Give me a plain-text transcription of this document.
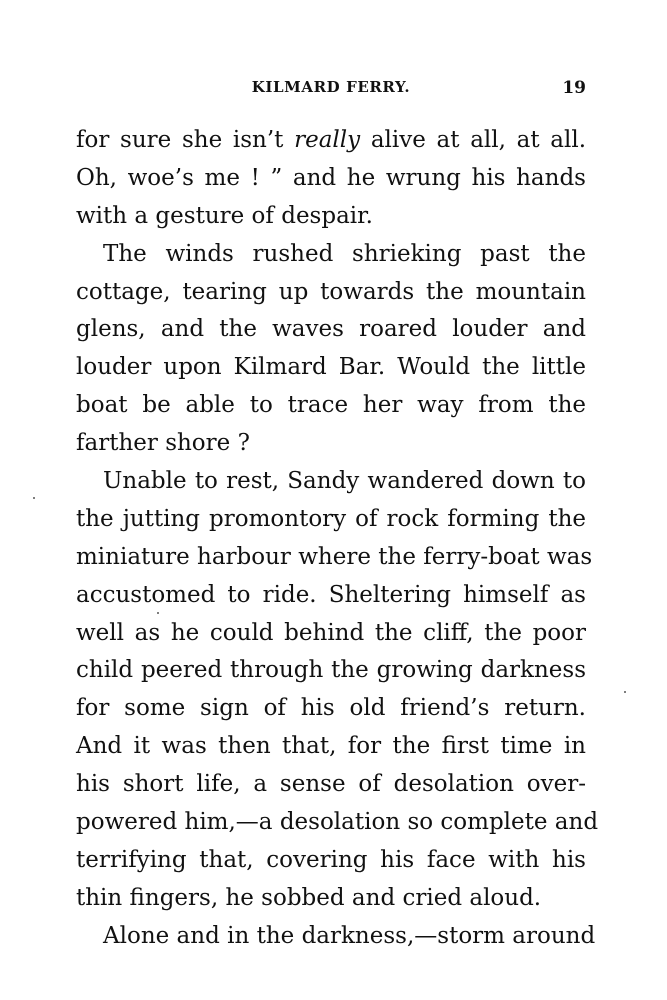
KILMARD FERRY.	19
for sure she isn’t really alive at all, at all.
Oh, woe’s me ! ” and he wrung his hands
with a gesture of despair.
The winds rushed shrieking past the
cottage, tearing up towards the mountain
glens, and the waves roared louder and
louder upon Kilmard Bar. Would the little
boat be able to trace her way from the
farther shore ?
Unable to rest, Sandy wandered down to
the jutting promontory of rock forming the
miniature harbour where the ferry-boat was
accustomed to ride. Sheltering himself as
well as he could behind the cliff, the poor
child peered through the growing darkness
for some sign of his old friend’s return.
And it was then that, for the first time in
his short life, a sense of desolation over-
powered him,—a desolation so complete and
terrifying that, covering his face with his
thin fingers, he sobbed and cried aloud.
Alone and in the darkness,—storm around
